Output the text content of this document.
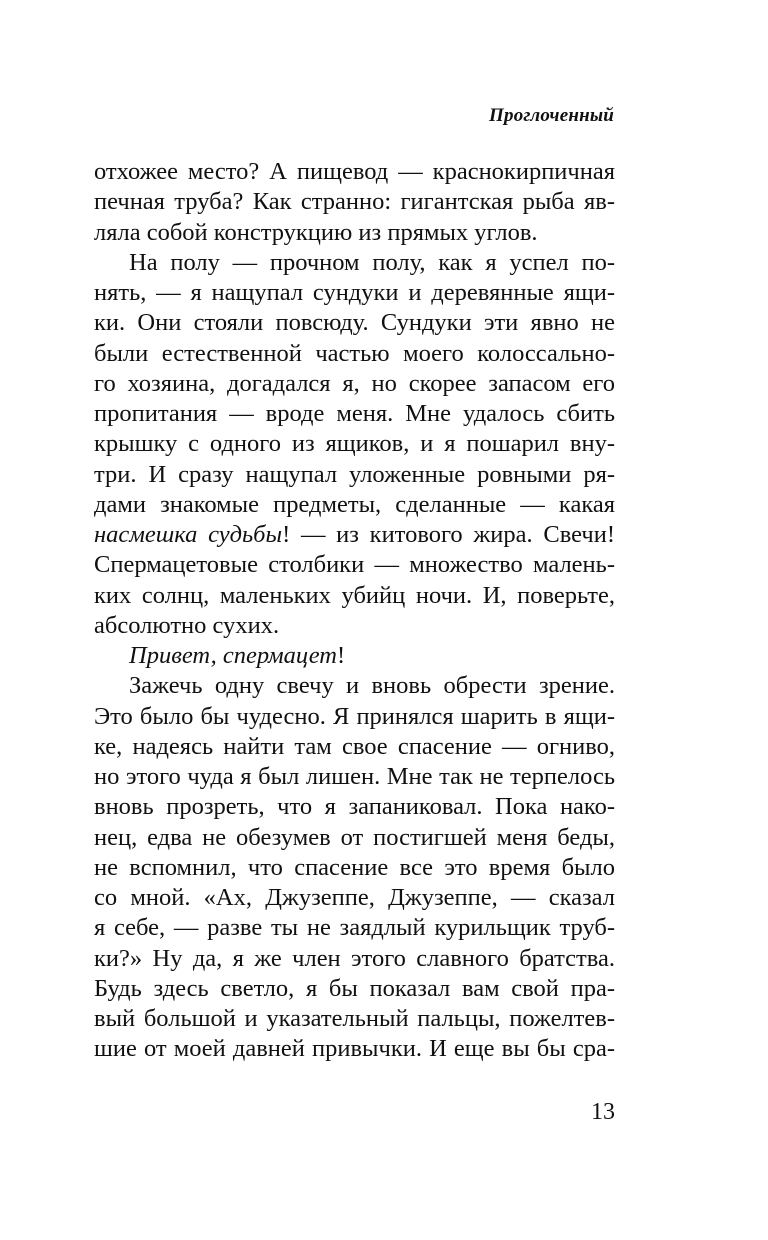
Проглоченный
отхожее место? А пищевод — краснокирпичная
печная труба? Как странно: гигантская рыба яв-
ляла собой конструкцию из прямых углов.
На полу — прочном полу, как я успел по-
нять, — я нащупал сундуки и деревянные ящи-
ки. Они стояли повсюду. Сундуки эти явно не
были естественной частью моего колоссально-
го хозяина, догадался я, но скорее запасом его
пропитания — вроде меня. Мне удалось сбить
крышку с одного из ящиков, и я пошарил вну-
три. И сразу нащупал уложенные ровными ря-
дами знакомые предметы, сделанные — какая
насмешка судьбы! — из китового жира. Свечи!
Спермацетовые столбики — множество малень-
ких солнц, маленьких убийц ночи. И, поверьте,
абсолютно сухих.
Привет, спермацет!
Зажечь одну свечу и вновь обрести зрение.
Это было бы чудесно. Я принялся шарить в ящи-
ке, надеясь найти там свое спасение — огниво,
но этого чуда я был лишен. Мне так не терпелось
вновь прозреть, что я запаниковал. Пока нако-
нец, едва не обезумев от постигшей меня беды,
не вспомнил, что спасение все это время было
со мной. «Ах, Джузеппе, Джузеппе, — сказал
я себе, — разве ты не заядлый курильщик труб-
ки?» Ну да, я же член этого славного братства.
Будь здесь светло, я бы показал вам свой пра-
вый большой и указательный пальцы, пожелтев-
шие от моей давней привычки. И еще вы бы сра-
13
